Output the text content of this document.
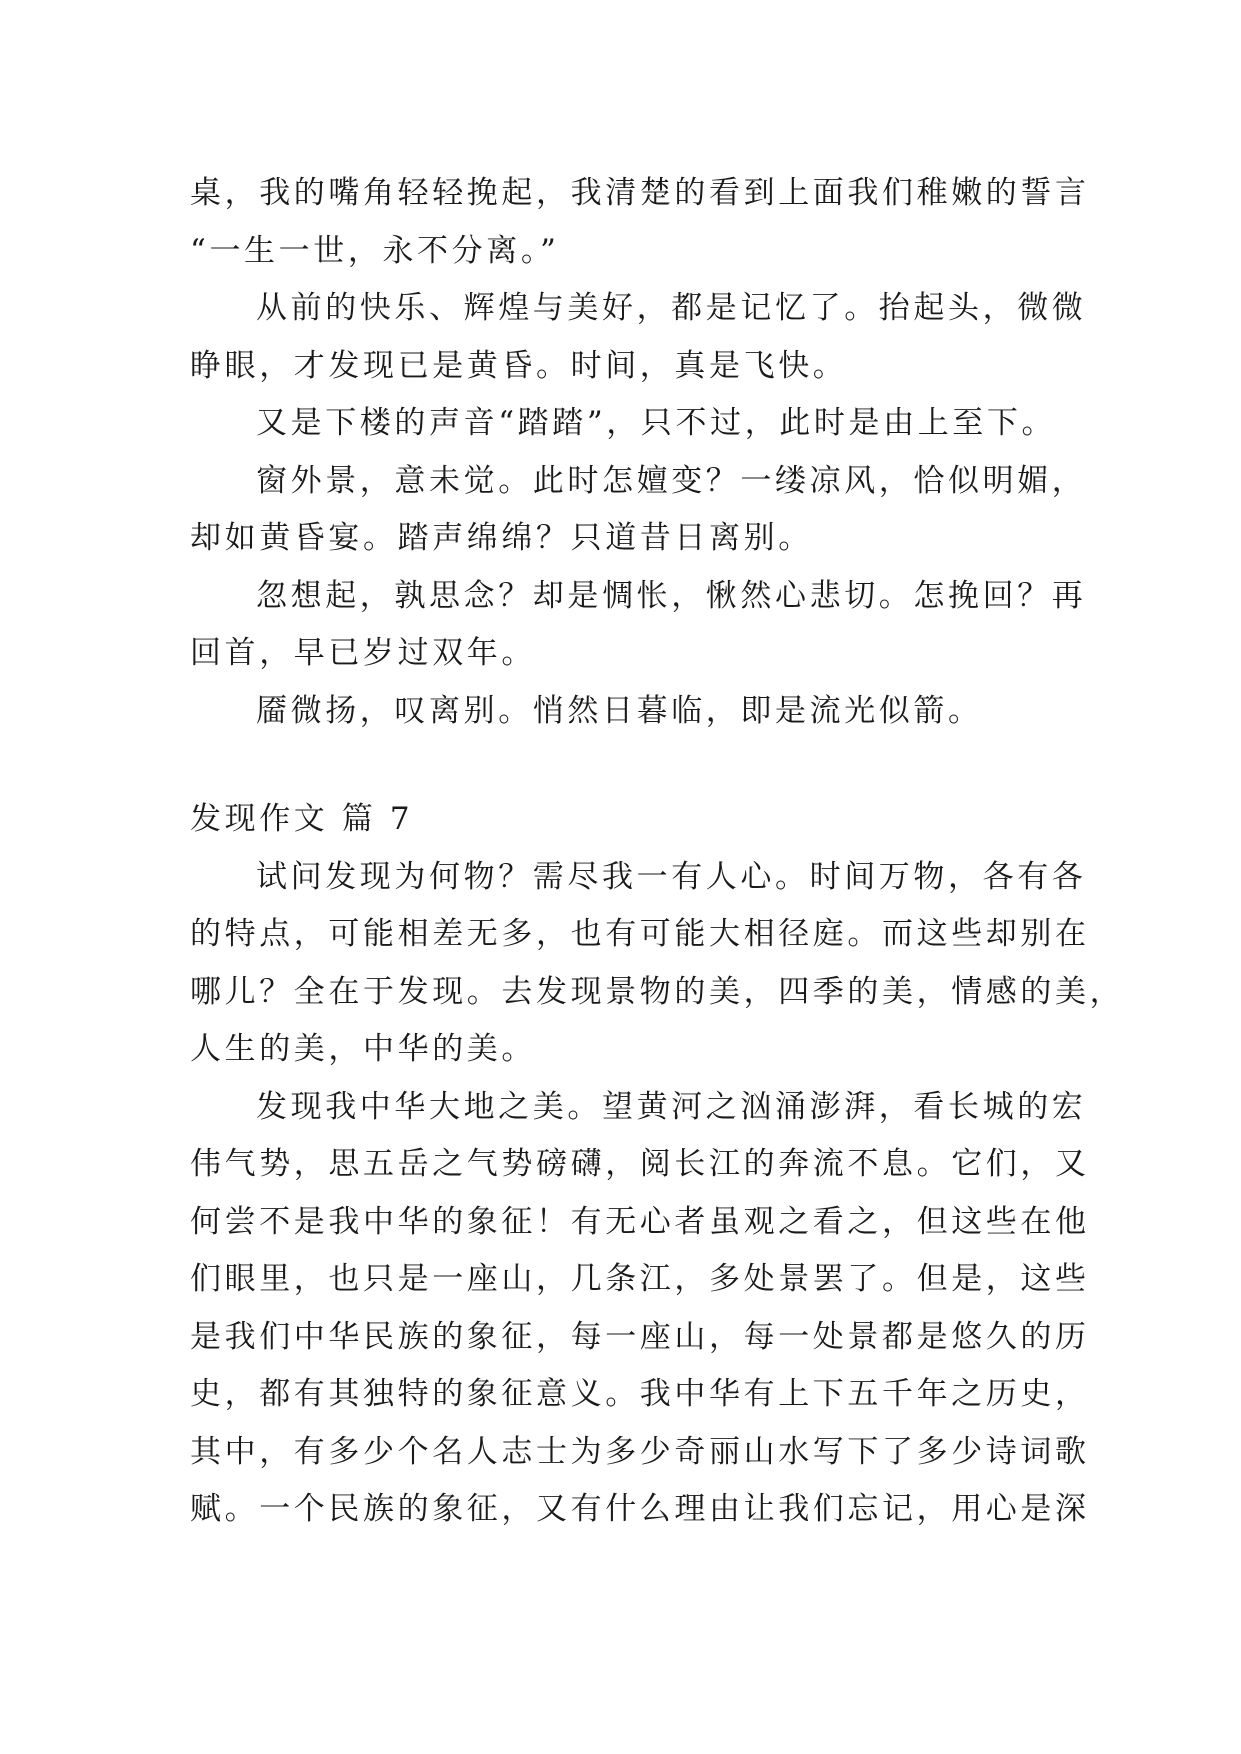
桌，我的嘴角轻轻挽起，我清楚的看到上面我们稚嫩的誓言
“一生一世，永不分离。”
从前的快乐、辉煌与美好，都是记忆了。抬起头，微微
睁眼，才发现已是黄昏。时间，真是飞快。
又是下楼的声音“踏踏”，只不过，此时是由上至下。
窗外景，意未觉。此时怎嬗变？一缕凉风，恰似明媚，
却如黄昏宴。踏声绵绵？只道昔日离别。
忽想起，孰思念？却是惆怅，愀然心悲切。怎挽回？再
回首，早已岁过双年。
靥微扬，叹离别。悄然日暮临，即是流光似箭。
发现作文 篇 7
试问发现为何物？需尽我一有人心。时间万物，各有各
的特点，可能相差无多，也有可能大相径庭。而这些却别在
哪儿？全在于发现。去发现景物的美，四季的美，情感的美，
人生的美，中华的美。
发现我中华大地之美。望黄河之汹涌澎湃，看长城的宏
伟气势，思五岳之气势磅礴，阅长江的奔流不息。它们，又
何尝不是我中华的象征！有无心者虽观之看之，但这些在他
们眼里，也只是一座山，几条江，多处景罢了。但是，这些
是我们中华民族的象征，每一座山，每一处景都是悠久的历
史，都有其独特的象征意义。我中华有上下五千年之历史，
其中，有多少个名人志士为多少奇丽山水写下了多少诗词歌
赋。一个民族的象征，又有什么理由让我们忘记，用心是深
